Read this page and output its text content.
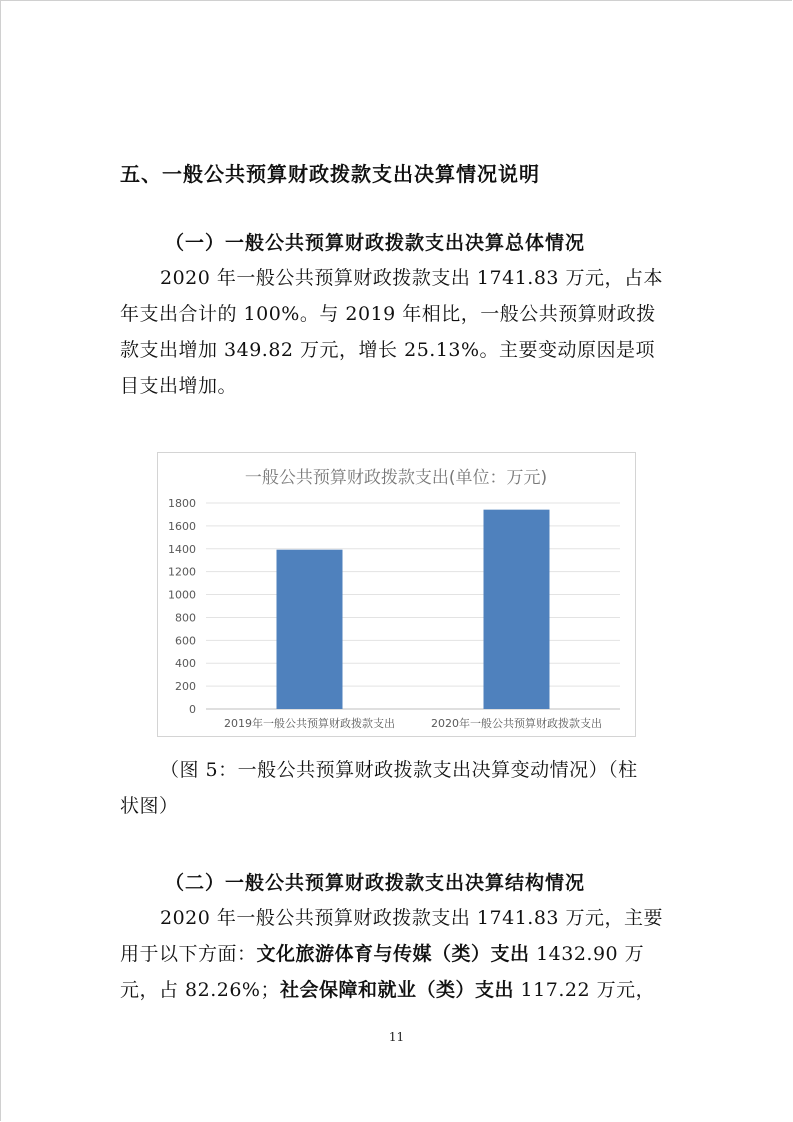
五、一般公共预算财政拨款支出决算情况说明
（一）一般公共预算财政拨款支出决算总体情况
2020 年一般公共预算财政拨款支出 1741.83 万元，占本
年支出合计的 100%。与 2019 年相比，一般公共预算财政拨
款支出增加 349.82 万元，增长 25.13%。主要变动原因是项
目支出增加。
一般公共预算财政拨款支出(单位：万元)
0
200
400
600
800
1000
1200
1400
1600
1800
2019年一般公共预算财政拨款支出	2020年一般公共预算财政拨款支出
（图 5：一般公共预算财政拨款支出决算变动情况）（柱
状图）
（二）一般公共预算财政拨款支出决算结构情况
2020 年一般公共预算财政拨款支出 1741.83 万元，主要
用于以下方面：文化旅游体育与传媒（类）支出 1432.90 万
元，占 82.26%；社会保障和就业（类）支出 117.22 万元，
11
